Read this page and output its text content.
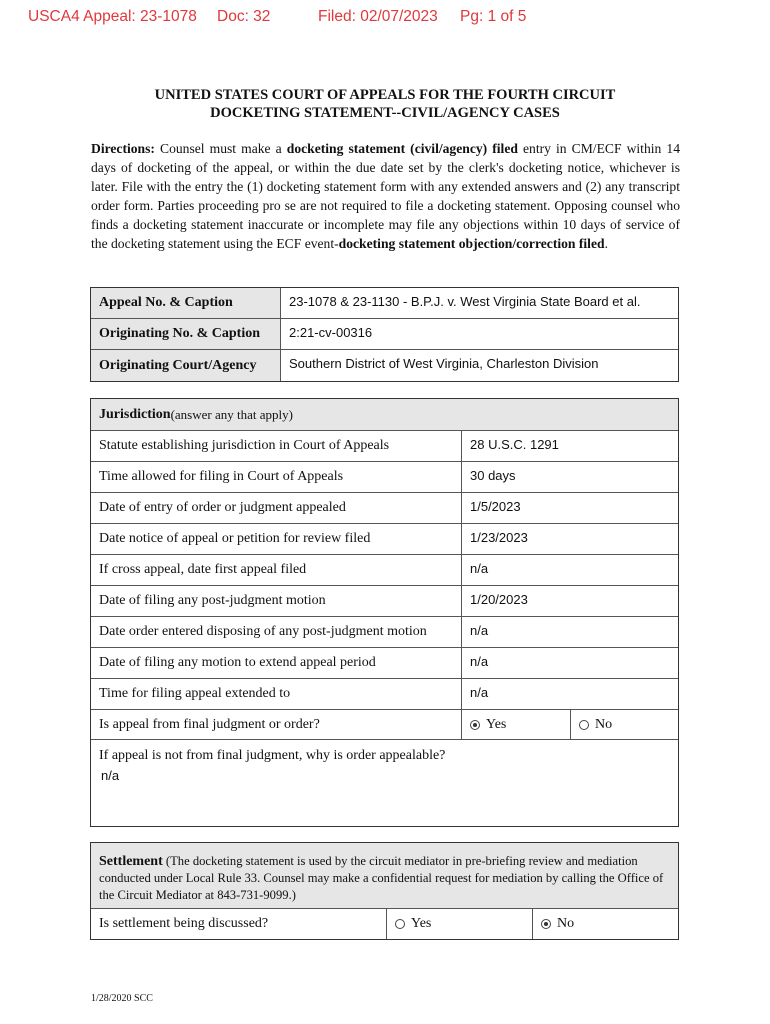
USCA4 Appeal: 23-1078 Doc: 32	Filed: 02/07/2023 Pg: 1 of 5
UNITED STATES COURT OF APPEALS FOR THE FOURTH CIRCUIT
DOCKETING STATEMENT--CIVIL/AGENCY CASES
Directions: Counsel must make a docketing statement (civil/agency) filed entry in CM/ECF within 14 days of docketing of the appeal, or within the due date set by the clerk's docketing notice, whichever is later. File with the entry the (1) docketing statement form with any extended answers and (2) any transcript order form. Parties proceeding pro se are not required to file a docketing statement. Opposing counsel who finds a docketing statement inaccurate or incomplete may file any objections within 10 days of service of the docketing statement using the ECF event-docketing statement objection/correction filed.
Appeal No. & Caption	23-1078 & 23-1130 - B.P.J. v. West Virginia State Board et al.
Originating No. & Caption	2:21-cv-00316
Originating Court/Agency	Southern District of West Virginia, Charleston Division
Jurisdiction (answer any that apply)
Statute establishing jurisdiction in Court of Appeals	28 U.S.C. 1291
Time allowed for filing in Court of Appeals	30 days
Date of entry of order or judgment appealed	1/5/2023
Date notice of appeal or petition for review filed	1/23/2023
If cross appeal, date first appeal filed	n/a
Date of filing any post-judgment motion	1/20/2023
Date order entered disposing of any post-judgment motion	n/a
Date of filing any motion to extend appeal period	n/a
Time for filing appeal extended to	n/a
Is appeal from final judgment or order?	Yes	No
If appeal is not from final judgment, why is order appealable?
n/a
Settlement (The docketing statement is used by the circuit mediator in pre-briefing review and mediation conducted under Local Rule 33. Counsel may make a confidential request for mediation by calling the Office of the Circuit Mediator at 843-731-9099.)
Is settlement being discussed?	Yes	No
1/28/2020 SCC
